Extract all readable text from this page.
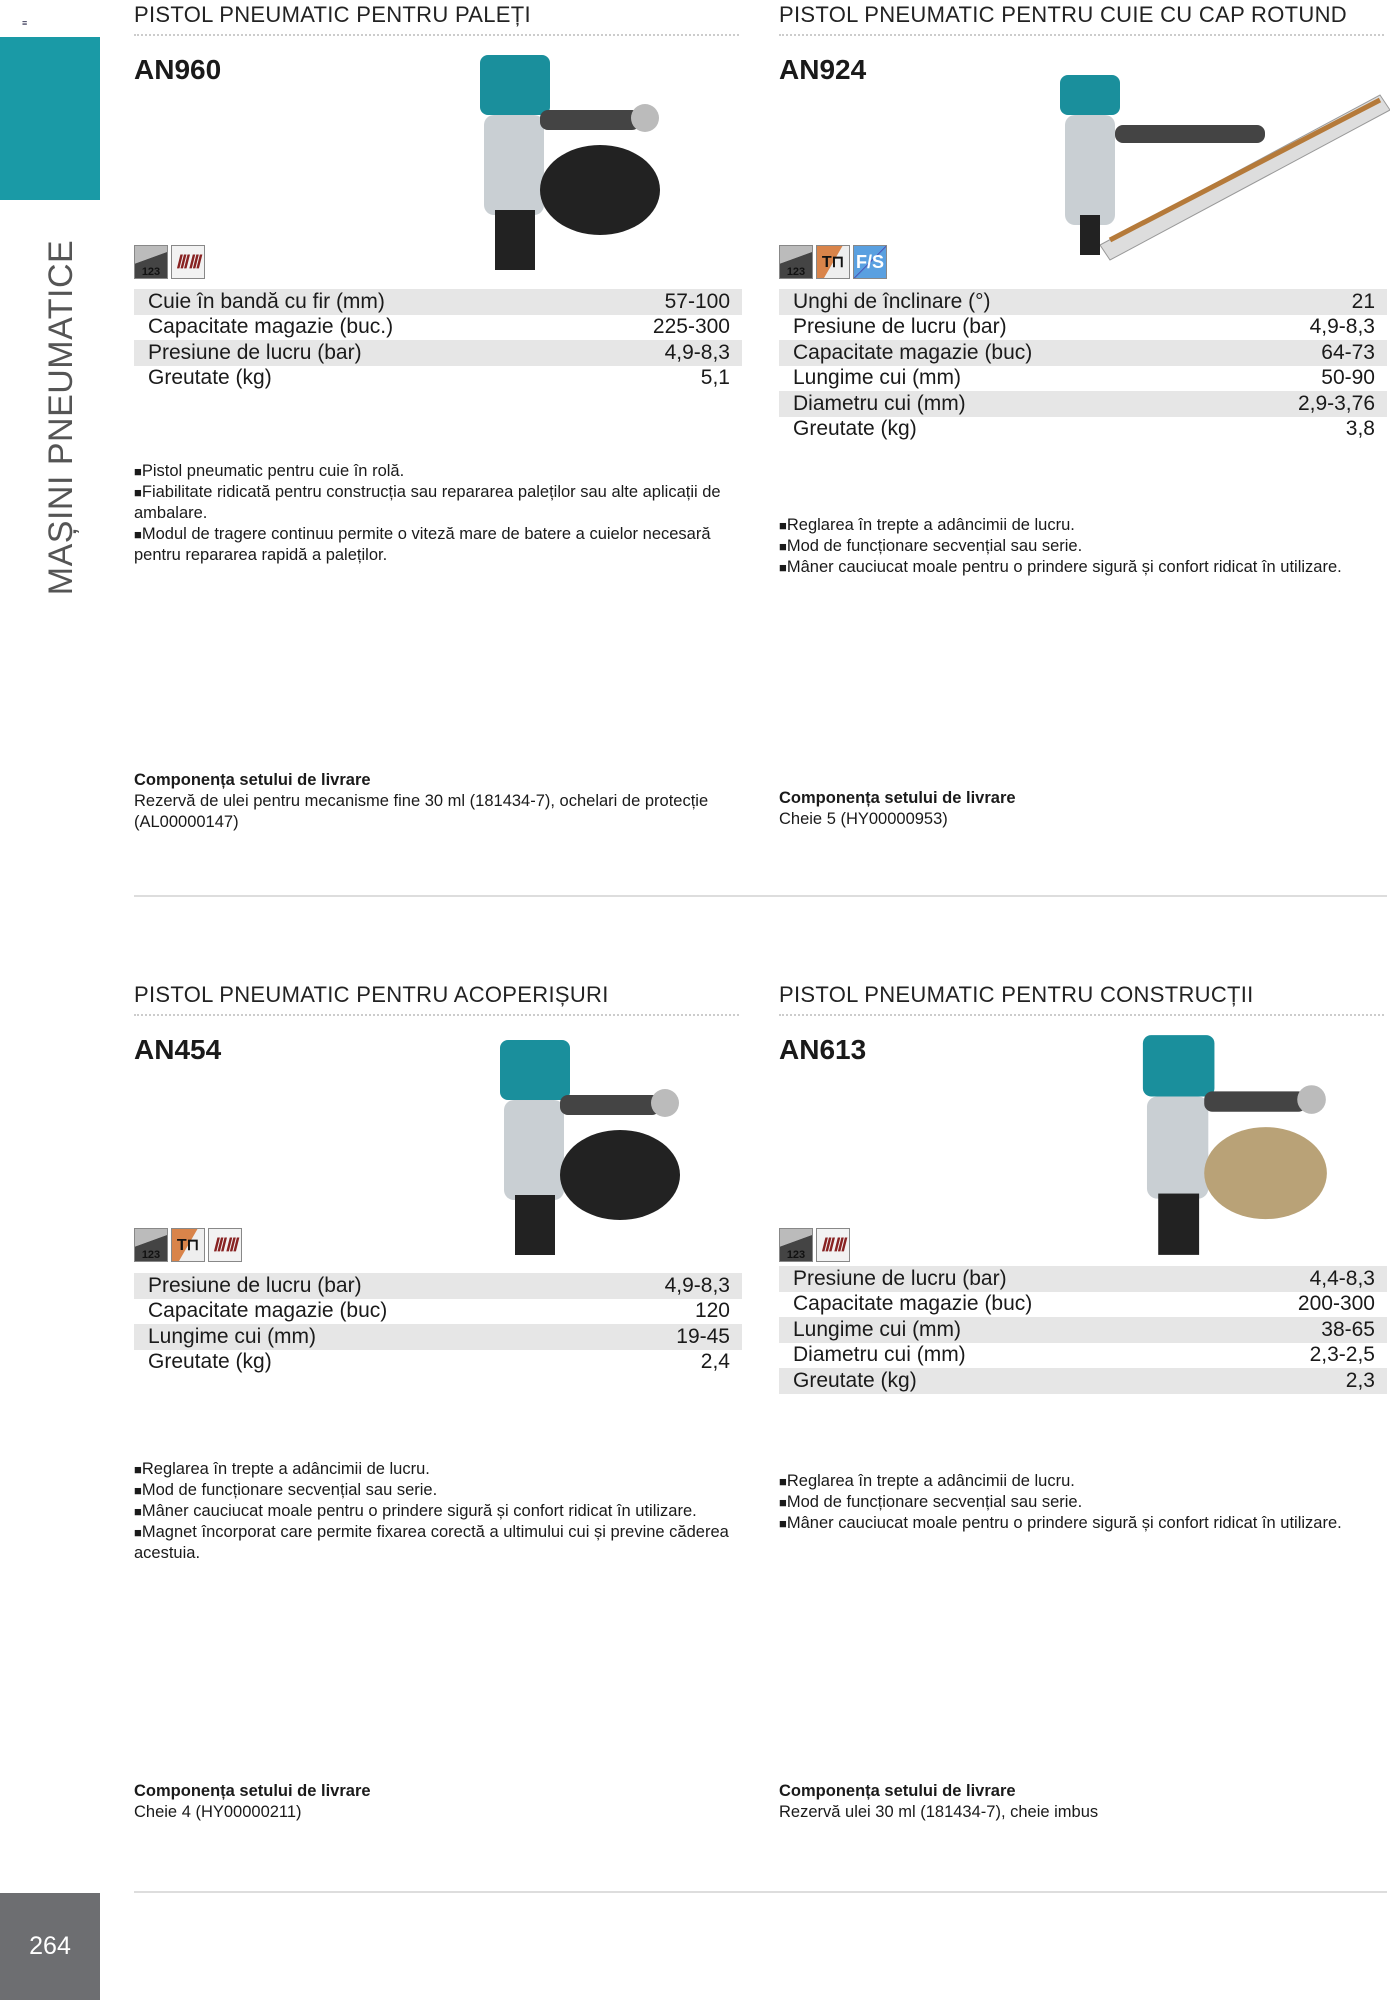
≡
MAȘINI PNEUMATICE
264
PISTOL PNEUMATIC PENTRU PALEȚI
AN960
123
ⅢⅢ
Cuie în bandă cu fir (mm)	57-100
Capacitate magazie (buc.)	225-300
Presiune de lucru (bar)	4,9-8,3
Greutate (kg)	5,1
■ Pistol pneumatic pentru cuie în rolă.
■ Fiabilitate ridicată pentru construcția sau repararea paleților sau alte aplicații de ambalare.
■ Modul de tragere continuu permite o viteză mare de batere a cuielor necesară pentru repararea rapidă a paleților.
Componența setului de livrare
Rezervă de ulei pentru mecanisme fine 30 ml (181434-7), ochelari de protecție (AL00000147)
PISTOL PNEUMATIC PENTRU CUIE CU CAP ROTUND
AN924
123
T⊓ F/S
Unghi de înclinare (°)	21
Presiune de lucru (bar)	4,9-8,3
Capacitate magazie (buc)	64-73
Lungime cui (mm)	50-90
Diametru cui (mm)	2,9-3,76
Greutate (kg)	3,8
■ Reglarea în trepte a adâncimii de lucru.
■ Mod de funcționare secvențial sau serie.
■ Mâner cauciucat moale pentru o prindere sigură și confort ridicat în utilizare.
Componența setului de livrare
Cheie 5 (HY00000953)
PISTOL PNEUMATIC PENTRU ACOPERIȘURI
AN454
123
T⊓ ⅢⅢ
Presiune de lucru (bar)	4,9-8,3
Capacitate magazie (buc)	120
Lungime cui (mm)	19-45
Greutate (kg)	2,4
■ Reglarea în trepte a adâncimii de lucru.
■ Mod de funcționare secvențial sau serie.
■ Mâner cauciucat moale pentru o prindere sigură și confort ridicat în utilizare.
■ Magnet încorporat care permite fixarea corectă a ultimului cui și previne căderea acestuia.
Componența setului de livrare
Cheie 4 (HY00000211)
PISTOL PNEUMATIC PENTRU CONSTRUCȚII
AN613
123
ⅢⅢ
Presiune de lucru (bar)	4,4-8,3
Capacitate magazie (buc)	200-300
Lungime cui (mm)	38-65
Diametru cui (mm)	2,3-2,5
Greutate (kg)	2,3
■ Reglarea în trepte a adâncimii de lucru.
■ Mod de funcționare secvențial sau serie.
■ Mâner cauciucat moale pentru o prindere sigură și confort ridicat în utilizare.
Componența setului de livrare
Rezervă ulei 30 ml (181434-7), cheie imbus
